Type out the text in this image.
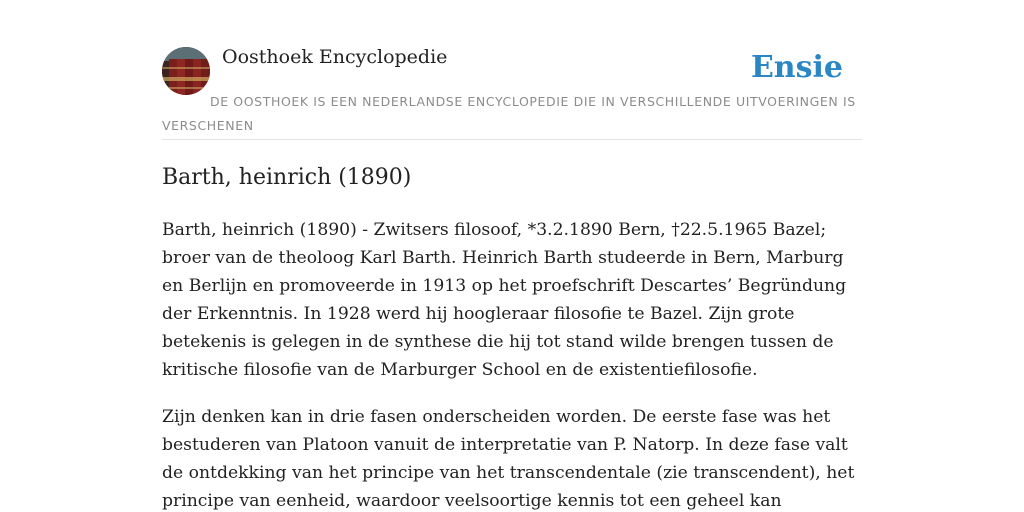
Oosthoek Encyclopedie	Ensie
DE OOSTHOEK IS EEN NEDERLANDSE ENCYCLOPEDIE DIE IN VERSCHILLENDE UITVOERINGEN IS VERSCHENEN
Barth, heinrich (1890)

Barth, heinrich (1890) - Zwitsers filosoof, *3.2.1890 Bern, †22.5.1965 Bazel; broer van de theoloog Karl Barth. Heinrich Barth studeerde in Bern, Marburg en Berlijn en promoveerde in 1913 op het proefschrift Descartes’ Begründung der Erkenntnis. In 1928 werd hij hoogleraar filosofie te Bazel. Zijn grote betekenis is gelegen in de synthese die hij tot stand wilde brengen tussen de kritische filosofie van de Marburger School en de existentiefilosofie.

Zijn denken kan in drie fasen onderscheiden worden. De eerste fase was het bestuderen van Platoon vanuit de interpretatie van P. Natorp. In deze fase valt de ontdekking van het principe van het transcendentale (zie transcendent), het principe van eenheid, waardoor veelsoortige kennis tot een geheel kan
